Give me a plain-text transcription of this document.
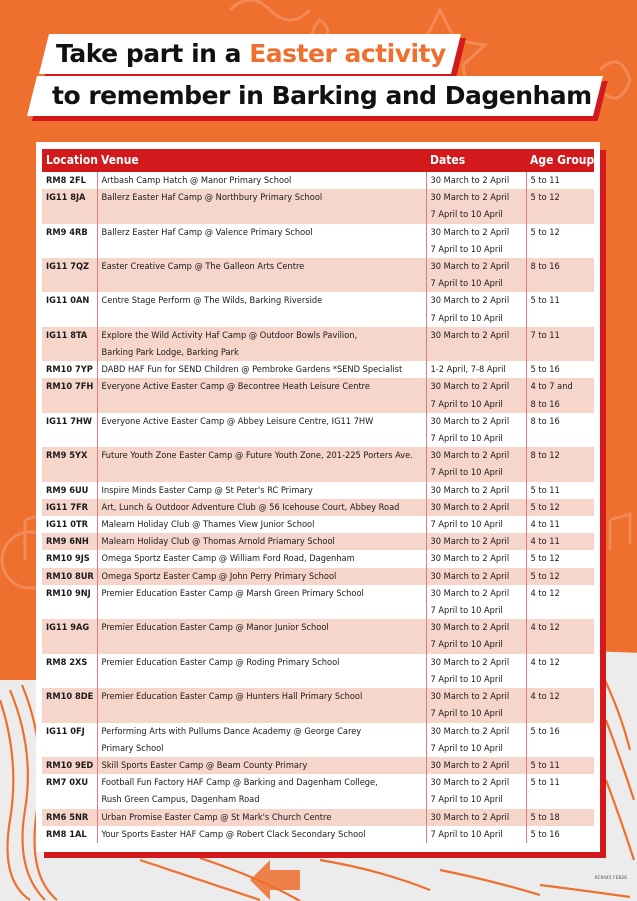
Take part in a Easter activity
to remember in Barking and Dagenham
Location	Venue	Dates	Age Group
RM8 2FL	Artbash Camp Hatch @ Manor Primary School	30 March to 2 April	5 to 11

IG11 8JA	Ballerz Easter Haf Camp @ Northbury Primary School	30 March to 2 April
7 April to 10 April	5 to 12

RM9 4RB	Ballerz Easter Haf Camp @ Valence Primary School	30 March to 2 April
7 April to 10 April	5 to 12

IG11 7QZ	Easter Creative Camp @ The Galleon Arts Centre	30 March to 2 April
7 April to 10 April	8 to 16

IG11 0AN	Centre Stage Perform @ The Wilds, Barking Riverside	30 March to 2 April
7 April to 10 April	5 to 11

IG11 8TA	Explore the Wild Activity Haf Camp @ Outdoor Bowls Pavilion,
Barking Park Lodge, Barking Park	30 March to 2 April	7 to 11

RM10 7YP	DABD HAF Fun for SEND Children @ Pembroke Gardens *SEND Specialist	1-2 April, 7-8 April	5 to 16

RM10 7FH	Everyone Active Easter Camp @ Becontree Heath Leisure Centre	30 March to 2 April
7 April to 10 April	4 to 7 and
8 to 16

IG11 7HW	Everyone Active Easter Camp @ Abbey Leisure Centre, IG11 7HW	30 March to 2 April
7 April to 10 April	8 to 16

RM9 5YX	Future Youth Zone Easter Camp @ Future Youth Zone, 201-225 Porters Ave.	30 March to 2 April
7 April to 10 April	8 to 12

RM9 6UU	Inspire Minds Easter Camp @ St Peter's RC Primary	30 March to 2 April	5 to 11

IG11 7FR	Art, Lunch & Outdoor Adventure Club @ 56 Icehouse Court, Abbey Road	30 March to 2 April	5 to 12

IG11 0TR	Malearn Holiday Club @ Thames View Junior School	7 April to 10 April	4 to 11

RM9 6NH	Malearn Holiday Club @ Thomas Arnold Priamary School	30 March to 2 April	4 to 11

RM10 9JS	Omega Sportz Easter Camp @ William Ford Road, Dagenham	30 March to 2 April	5 to 12

RM10 8UR	Omega Sportz Easter Camp @ John Perry Primary School	30 March to 2 April	5 to 12

RM10 9NJ	Premier Education Easter Camp @ Marsh Green Primary School	30 March to 2 April
7 April to 10 April	4 to 12

IG11 9AG	Premier Education Easter Camp @ Manor Junior School	30 March to 2 April
7 April to 10 April	4 to 12

RM8 2XS	Premier Education Easter Camp @ Roding Primary School	30 March to 2 April
7 April to 10 April	4 to 12

RM10 8DE	Premier Education Easter Camp @ Hunters Hall Primary School	30 March to 2 April
7 April to 10 April	4 to 12

IG11 0FJ	Performing Arts with Pullums Dance Academy @ George Carey
Primary School	30 March to 2 April
7 April to 10 April	5 to 16

RM10 9ED	Skill Sports Easter Camp @ Beam County Primary	30 March to 2 April	5 to 11

RM7 0XU	Football Fun Factory HAF Camp @ Barking and Dagenham College,
Rush Green Campus, Dagenham Road	30 March to 2 April
7 April to 10 April	5 to 11

RM6 5NR	Urban Promise Easter Camp @ St Mark's Church Centre	30 March to 2 April	5 to 18

RM8 1AL	Your Sports Easter HAF Camp @ Robert Clack Secondary School	7 April to 10 April	5 to 16
RC9445 FEB26
